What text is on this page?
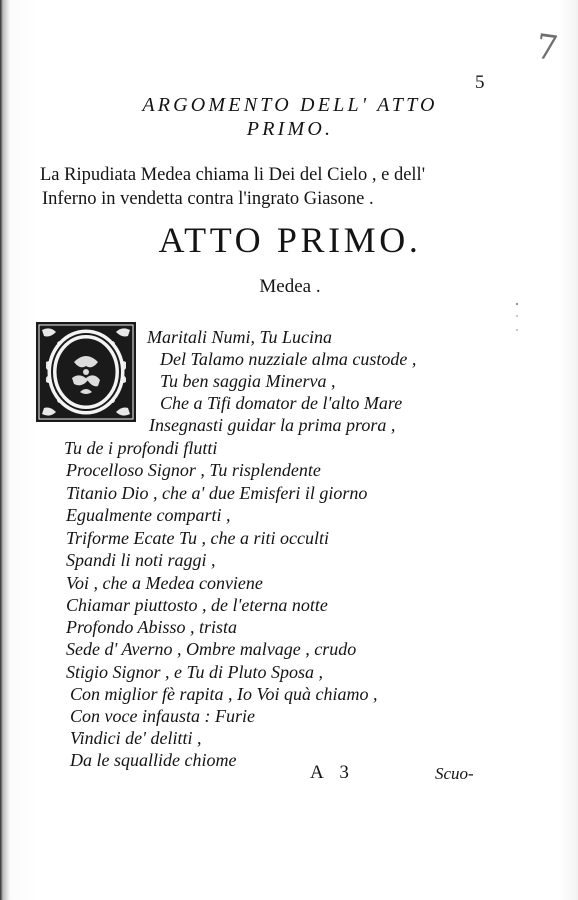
7
5
ARGOMENTO DELL' ATTO
PRIMO.
La Ripudiata Medea chiama li Dei del Cielo , e dell'
Inferno in vendetta contra l'ingrato Giasone .
ATTO PRIMO.
Medea .
Maritali Numi, Tu Lucina
Del Talamo nuzziale alma custode ,
Tu ben saggia Minerva ,
Che a Tifi domator de l'alto Mare
Insegnasti guidar la prima prora ,
Tu de i profondi flutti
Procelloso Signor , Tu risplendente
Titanio Dio , che a' due Emisferi il giorno
Egualmente comparti ,
Triforme Ecate Tu , che a riti occulti
Spandi li noti raggi ,
Voi , che a Medea conviene
Chiamar piuttosto , de l'eterna notte
Profondo Abisso , trista
Sede d' Averno , Ombre malvage , crudo
Stigio Signor , e Tu di Pluto Sposa ,
Con miglior fè rapita , Io Voi quà chiamo ,
Con voce infausta : Furie
Vindici de' delitti ,
Da le squallide chiome
A 3	Scuo-
